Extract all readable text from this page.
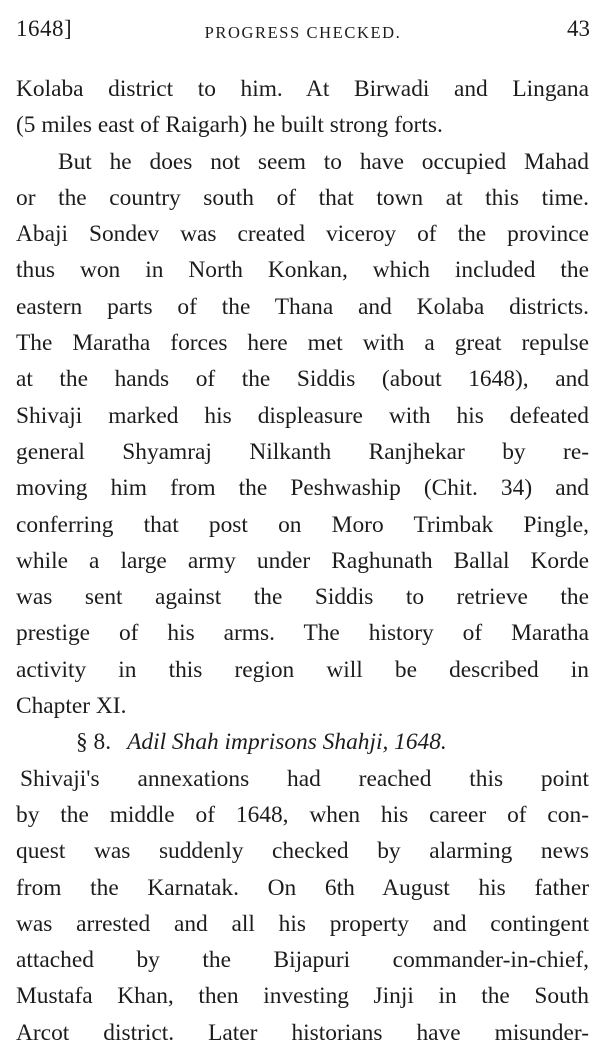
1648]	PROGRESS CHECKED.	43
Kolaba district to him. At Birwadi and Lingana
(5 miles east of Raigarh) he built strong forts.
But he does not seem to have occupied Mahad
or the country south of that town at this time.
Abaji Sondev was created viceroy of the province
thus won in North Konkan, which included the
eastern parts of the Thana and Kolaba districts.
The Maratha forces here met with a great repulse
at the hands of the Siddis (about 1648), and
Shivaji marked his displeasure with his defeated
general Shyamraj Nilkanth Ranjhekar by re-
moving him from the Peshwaship (Chit. 34) and
conferring that post on Moro Trimbak Pingle,
while a large army under Raghunath Ballal Korde
was sent against the Siddis to retrieve the
prestige of his arms. The history of Maratha
activity in this region will be described in
Chapter XI.
§ 8. Adil Shah imprisons Shahji, 1648.
Shivaji's annexations had reached this point
by the middle of 1648, when his career of con-
quest was suddenly checked by alarming news
from the Karnatak. On 6th August his father
was arrested and all his property and contingent
attached by the Bijapuri commander-in-chief,
Mustafa Khan, then investing Jinji in the South
Arcot district. Later historians have misunder-
